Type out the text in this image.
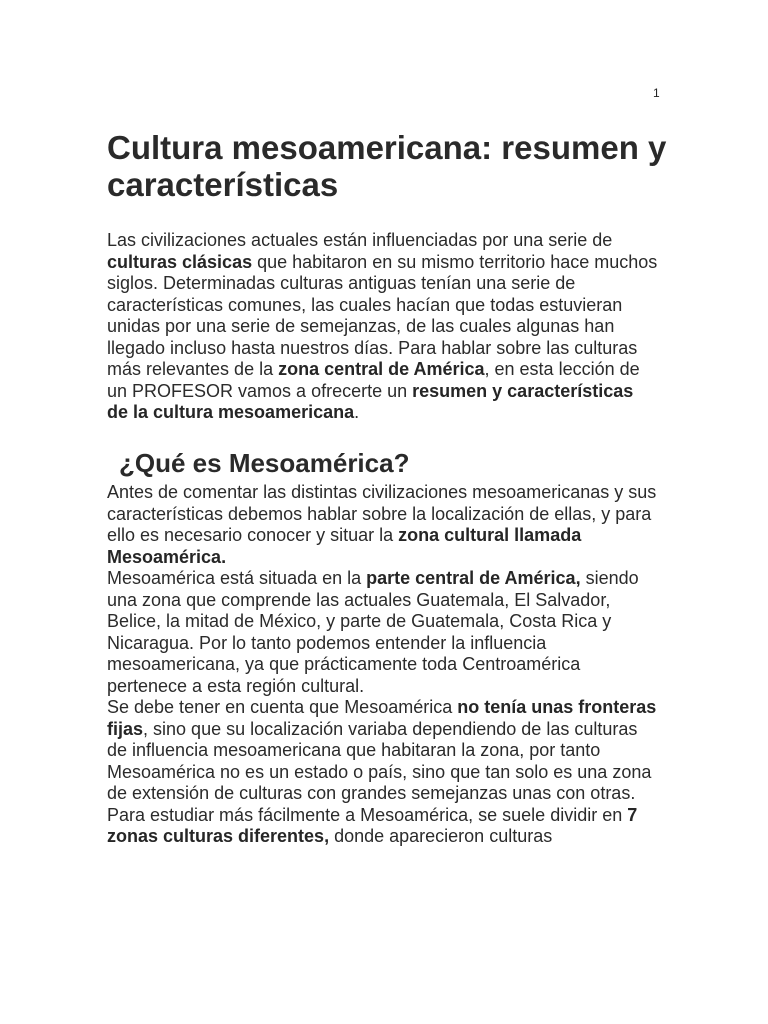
1
Cultura mesoamericana: resumen y características

Las civilizaciones actuales están influenciadas por una serie de culturas clásicas que habitaron en su mismo territorio hace muchos siglos. Determinadas culturas antiguas tenían una serie de características comunes, las cuales hacían que todas estuvieran unidas por una serie de semejanzas, de las cuales algunas han llegado incluso hasta nuestros días. Para hablar sobre las culturas más relevantes de la zona central de América, en esta lección de un PROFESOR vamos a ofrecerte un resumen y características de la cultura mesoamericana.

¿Qué es Mesoamérica?

Antes de comentar las distintas civilizaciones mesoamericanas y sus características debemos hablar sobre la localización de ellas, y para ello es necesario conocer y situar la zona cultural llamada Mesoamérica.

Mesoamérica está situada en la parte central de América, siendo una zona que comprende las actuales Guatemala, El Salvador, Belice, la mitad de México, y parte de Guatemala, Costa Rica y Nicaragua. Por lo tanto podemos entender la influencia mesoamericana, ya que prácticamente toda Centroamérica pertenece a esta región cultural.

Se debe tener en cuenta que Mesoamérica no tenía unas fronteras fijas, sino que su localización variaba dependiendo de las culturas de influencia mesoamericana que habitaran la zona, por tanto Mesoamérica no es un estado o país, sino que tan solo es una zona de extensión de culturas con grandes semejanzas unas con otras.

Para estudiar más fácilmente a Mesoamérica, se suele dividir en 7 zonas culturas diferentes, donde aparecieron culturas
